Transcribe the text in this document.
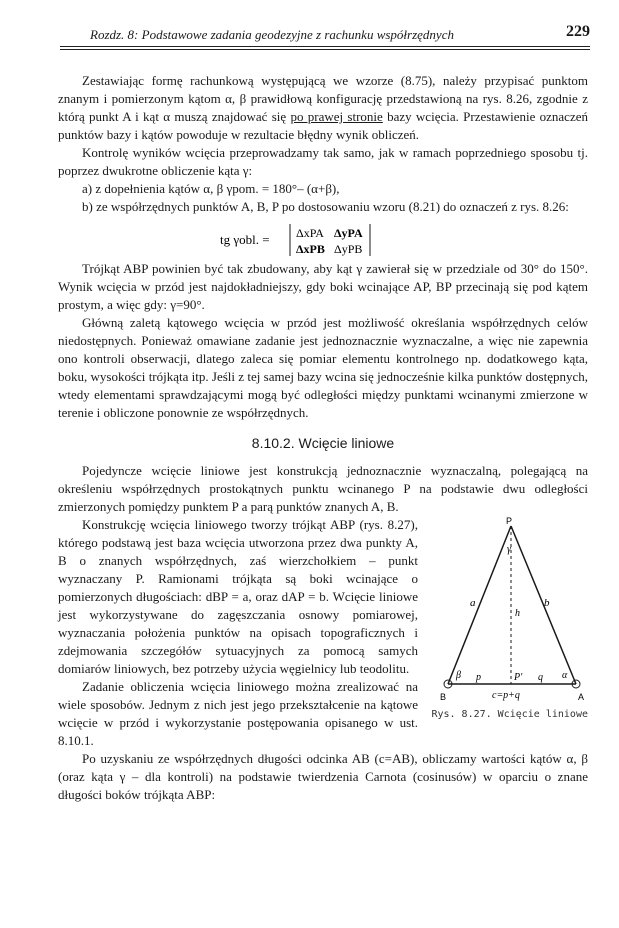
Rozdz. 8: Podstawowe zadania geodezyjne z rachunku współrzędnych	229

Zestawiając formę rachunkową występującą we wzorze (8.75), należy przypisać punktom znanym i pomierzonym kątom α, β prawidłową konfigurację przedstawioną na rys. 8.26, zgodnie z którą punkt A i kąt α muszą znajdować się po prawej stronie bazy wcięcia. Przestawienie oznaczeń punktów bazy i kątów powoduje w rezultacie błędny wynik obliczeń.

Kontrolę wyników wcięcia przeprowadzamy tak samo, jak w ramach poprzedniego sposobu tj. poprzez dwukrotne obliczenie kąta γ:

a) z dopełnienia kątów α, β γpom. = 180°– (α+β),

b) ze współrzędnych punktów A, B, P po dostosowaniu wzoru (8.21) do oznaczeń z rys. 8.26:

tg γobl. = ΔxPA ΔyPA
ΔxPB ΔyPB

Trójkąt ABP powinien być tak zbudowany, aby kąt γ zawierał się w przedziale od 30° do 150°. Wynik wcięcia w przód jest najdokładniejszy, gdy boki wcinające AP, BP przecinają się pod kątem prostym, a więc gdy: γ=90°.

Główną zaletą kątowego wcięcia w przód jest możliwość określania współrzędnych celów niedostępnych. Ponieważ omawiane zadanie jest jednoznacznie wyznaczalne, a więc nie zapewnia ono kontroli obserwacji, dlatego zaleca się pomiar elementu kontrolnego np. dodatkowego kąta, boku, wysokości trójkąta itp. Jeśli z tej samej bazy wcina się jednocześnie kilka punktów dostępnych, wtedy elementami sprawdzającymi mogą być odległości między punktami wcinanymi zmierzone w terenie i obliczone ponownie ze współrzędnych.

8.10.2. Wcięcie liniowe

Pojedyncze wcięcie liniowe jest konstrukcją jednoznacznie wyznaczalną, polegającą na określeniu współrzędnych prostokątnych punktu wcinanego P na podstawie dwu odległości zmierzonych pomiędzy punktem P a parą punktów znanych A, B.

Konstrukcję wcięcia liniowego tworzy trójkąt ABP (rys. 8.27), którego podstawą jest baza wcięcia utworzona przez dwa punkty A, B o znanych współrzędnych, zaś wierzchołkiem – punkt wyznaczany P. Ramionami trójkąta są boki wcinające o pomierzonych długościach: dBP = a, oraz dAP = b. Wcięcie liniowe jest wykorzystywane do zagęszczania osnowy pomiarowej, wyznaczania położenia punktów na opisach topograficznych i zdejmowania szczegółów sytuacyjnych za pomocą samych domiarów liniowych, bez potrzeby użycia węgielnicy lub teodolitu.

Zadanie obliczenia wcięcia liniowego można zrealizować na wiele sposobów. Jednym z nich jest jego przekształcenie na kątowe wcięcie w przód i wykorzystanie postępowania opisanego w ust. 8.10.1.

P
A
B
a	b
h
p	q
P'	α
β
γ
c=p+q
Rys. 8.27. Wcięcie liniowe

Po uzyskaniu ze współrzędnych długości odcinka AB (c=AB), obliczamy wartości kątów α, β (oraz kąta γ – dla kontroli) na podstawie twierdzenia Carnota (cosinusów) w oparciu o znane długości boków trójkąta ABP:
